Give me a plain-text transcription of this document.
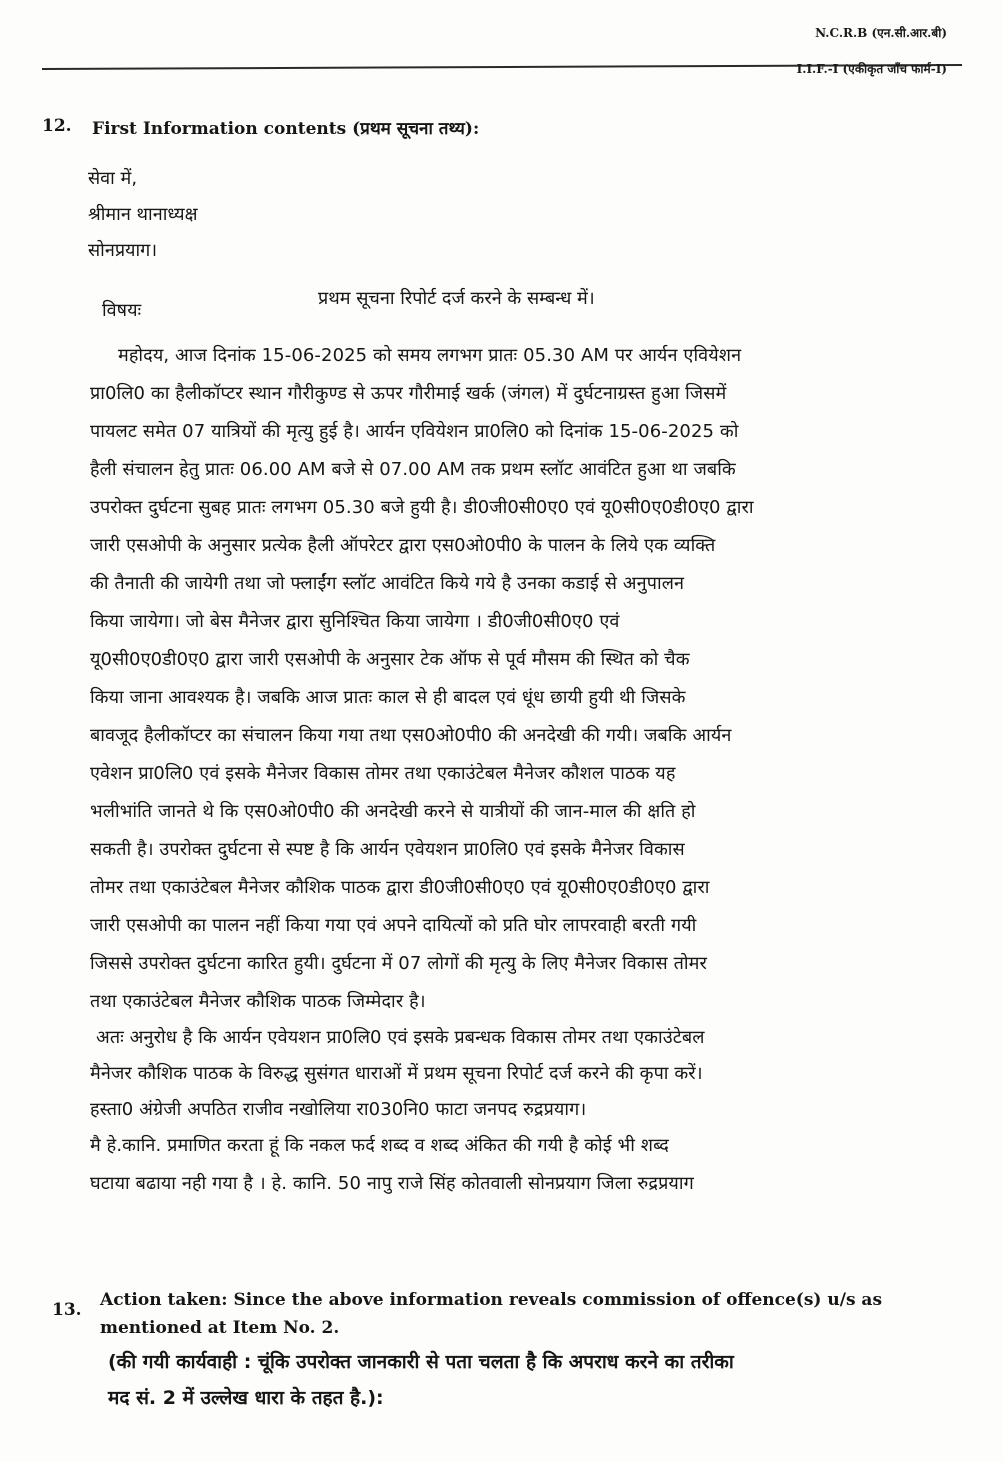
N.C.R.B (एन.सी.आर.बी)
I.I.F.-I (एकीकृत जाँच फार्म-I)
12. First Information contents (प्रथम सूचना तथ्य):
सेवा में,
श्रीमान थानाध्यक्ष
सोनप्रयाग।
विषयः
प्रथम सूचना रिपोर्ट दर्ज करने के सम्बन्ध में।
महोदय, आज दिनांक 15-06-2025 को समय लगभग प्रातः 05.30 AM पर आर्यन एवियेशन
प्रा0लि0 का हैलीकॉप्टर स्थान गौरीकुण्ड से ऊपर गौरीमाई खर्क (जंगल) में दुर्घटनाग्रस्त हुआ जिसमें
पायलट समेत 07 यात्रियों की मृत्यु हुई है। आर्यन एवियेशन प्रा0लि0 को दिनांक 15-06-2025 को
हैली संचालन हेतु प्रातः 06.00 AM बजे से 07.00 AM तक प्रथम स्लॉट आवंटित हुआ था जबकि
उपरोक्त दुर्घटना सुबह प्रातः लगभग 05.30 बजे हुयी है। डी0जी0सी0ए0 एवं यू0सी0ए0डी0ए0 द्वारा
जारी एसओपी के अनुसार प्रत्येक हैली ऑपरेटर द्वारा एस0ओ0पी0 के पालन के लिये एक व्यक्ति
की तैनाती की जायेगी तथा जो फ्लाईंग स्लॉट आवंटित किये गये है उनका कडाई से अनुपालन
किया जायेगा। जो बेस मैनेजर द्वारा सुनिश्चित किया जायेगा । डी0जी0सी0ए0 एवं
यू0सी0ए0डी0ए0 द्वारा जारी एसओपी के अनुसार टेक ऑफ से पूर्व मौसम की स्थित को चैक
किया जाना आवश्यक है। जबकि आज प्रातः काल से ही बादल एवं धूंध छायी हुयी थी जिसके
बावजूद हैलीकॉप्टर का संचालन किया गया तथा एस0ओ0पी0 की अनदेखी की गयी। जबकि आर्यन
एवेशन प्रा0लि0 एवं इसके मैनेजर विकास तोमर तथा एकाउंटेबल मैनेजर कौशल पाठक यह
भलीभांति जानते थे कि एस0ओ0पी0 की अनदेखी करने से यात्रीयों की जान-माल की क्षति हो
सकती है। उपरोक्त दुर्घटना से स्पष्ट है कि आर्यन एवेयशन प्रा0लि0 एवं इसके मैनेजर विकास
तोमर तथा एकाउंटेबल मैनेजर कौशिक पाठक द्वारा डी0जी0सी0ए0 एवं यू0सी0ए0डी0ए0 द्वारा
जारी एसओपी का पालन नहीं किया गया एवं अपने दायित्यों को प्रति घोर लापरवाही बरती गयी
जिससे उपरोक्त दुर्घटना कारित हुयी। दुर्घटना में 07 लोगों की मृत्यु के लिए मैनेजर विकास तोमर
तथा एकाउंटेबल मैनेजर कौशिक पाठक जिम्मेदार है।
अतः अनुरोध है कि आर्यन एवेयशन प्रा0लि0 एवं इसके प्रबन्धक विकास तोमर तथा एकाउंटेबल
मैनेजर कौशिक पाठक के विरुद्ध सुसंगत धाराओं में प्रथम सूचना रिपोर्ट दर्ज करने की कृपा करें।
हस्ता0 अंग्रेजी अपठित राजीव नखोलिया रा030नि0 फाटा जनपद रुद्रप्रयाग।
मै हे.कानि. प्रमाणित करता हूं कि नकल फर्द शब्द व शब्द अंकित की गयी है कोई भी शब्द
घटाया बढाया नही गया है । हे. कानि. 50 नापु राजे सिंह कोतवाली सोनप्रयाग जिला रुद्रप्रयाग
13. Action taken: Since the above information reveals commission of offence(s) u/s as
mentioned at Item No. 2.
(की गयी कार्यवाही : चूंकि उपरोक्त जानकारी से पता चलता है कि अपराध करने का तरीका
मद सं. 2 में उल्लेख धारा के तहत है.):
